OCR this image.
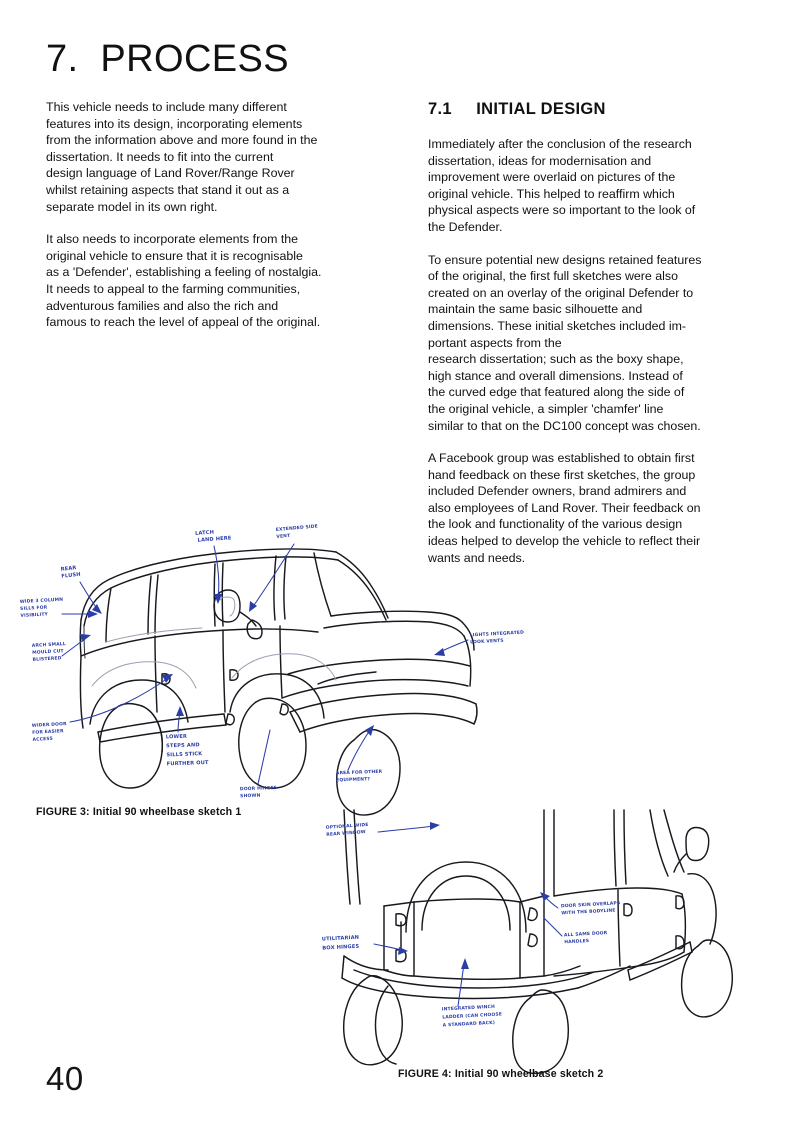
7.  PROCESS
7.1     INITIAL DESIGN

This vehicle needs to include many different
features into its design, incorporating elements
from the information above and more found in the
dissertation. It needs to fit into the current
design language of Land Rover/Range Rover
whilst retaining aspects that stand it out as a
separate model in its own right.

It also needs to incorporate elements from the
original vehicle to ensure that it is recognisable
as a 'Defender', establishing a feeling of nostalgia.
It needs to appeal to the farming communities,
adventurous families and also the rich and
famous to reach the level of appeal of the original.

Immediately after the conclusion of the research
dissertation, ideas for modernisation and
improvement were overlaid on pictures of the
original vehicle. This helped to reaffirm which
physical aspects were so important to the look of
the Defender.

To ensure potential new designs retained features
of the original, the first full sketches were also
created on an overlay of the original Defender to
maintain the same basic silhouette and
dimensions. These initial sketches included im-
portant aspects from the
research dissertation; such as the boxy shape,
high stance and overall dimensions. Instead of
the curved edge that featured along the side of
the original vehicle, a simpler 'chamfer' line
similar to that on the DC100 concept was chosen.

A Facebook group was established to obtain first
hand feedback on these first sketches, the group
included Defender owners, brand admirers and
also employees of Land Rover. Their feedback on
the look and functionality of the various design
ideas helped to develop the vehicle to reflect their
wants and needs.

LATCH
LAND HERE
EXTENDED SIDE
VENT
REAR
FLUSH
WIDE 3 COLUMN
SILLS FOR
VISIBILITY
ARCH SMALL
MOULD CUT
BLISTERED
WIDER DOOR
FOR EASIER
ACCESS	LOWER
STEPS AND
SILLS STICK
FURTHER OUT
DOOR HINGES
SHOWN
AREA FOR OTHER
EQUIPMENT?
LIGHTS INTEGRATED
LOOK VENTS
FIGURE 3: Initial 90 wheelbase sketch 1
OPTIONAL WIDE
REAR WINDOW
UTILITARIAN
BOX HINGES
DOOR SKIN OVERLAPS
WITH THE BODYLINE
ALL SAME DOOR
HANDLES
INTEGRATED WINCH
LADDER (CAN CHOOSE
A STANDARD BACK)
FIGURE 4: Initial 90 wheelbase sketch 2
40
